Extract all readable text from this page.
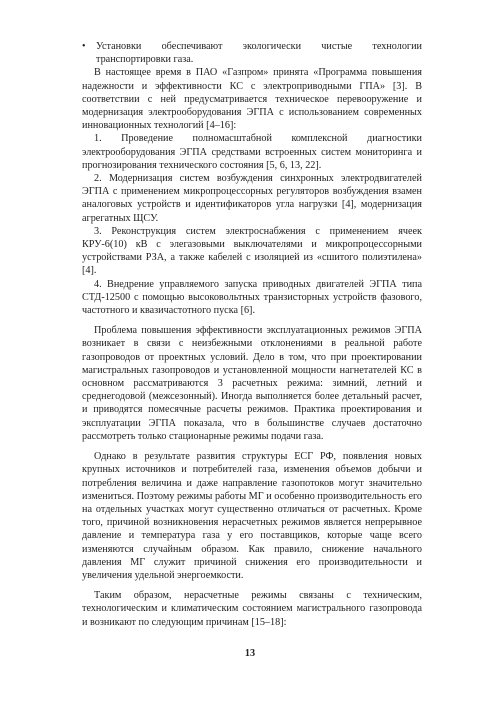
•	Установки обеспечивают экологически чистые технологии транспортировки газа.

В настоящее время в ПАО «Газпром» принята «Программа повышения надежности и эффективности КС с электроприводными ГПА» [3]. В соответствии с ней предусматривается техническое перевооружение и модернизация электрооборудования ЭГПА с использованием современных инновационных технологий [4–16]:

1. Проведение полномасштабной комплексной диагностики электрооборудования ЭГПА средствами встроенных систем мониторинга и прогнозирования технического состояния [5, 6, 13, 22].

2. Модернизация систем возбуждения синхронных электродвигателей ЭГПА с применением микропроцессорных регуляторов возбуждения взамен аналоговых устройств и идентификаторов угла нагрузки [4], модернизация агрегатных ЩСУ.

3. Реконструкция систем электроснабжения с применением ячеек КРУ-6(10) кВ с элегазовыми выключателями и микропроцессорными устройствами РЗА, а также кабелей с изоляцией из «сшитого полиэтилена» [4].

4. Внедрение управляемого запуска приводных двигателей ЭГПА типа СТД-12500 с помощью высоковольтных транзисторных устройств фазового, частотного и квазичастотного пуска [6].

Проблема повышения эффективности эксплуатационных режимов ЭГПА возникает в связи с неизбежными отклонениями в реальной работе газопроводов от проектных условий. Дело в том, что при проектировании магистральных газопроводов и установленной мощности нагнетателей КС в основном рассматриваются 3 расчетных режима: зимний, летний и среднегодовой (межсезонный). Иногда выполняется более детальный расчет, и приводятся помесячные расчеты режимов. Практика проектирования и эксплуатации ЭГПА показала, что в большинстве случаев достаточно рассмотреть только стационарные режимы подачи газа.

Однако в результате развития структуры ЕСГ РФ, появления новых крупных источников и потребителей газа, изменения объемов добычи и потребления величина и даже направление газопотоков могут значительно измениться. Поэтому режимы работы МГ и особенно производительность его на отдельных участках могут существенно отличаться от расчетных. Кроме того, причиной возникновения нерасчетных режимов является непрерывное давление и температура газа у его поставщиков, которые чаще всего изменяются случайным образом. Как правило, снижение начального давления МГ служит причиной снижения его производительности и увеличения удельной энергоемкости.

Таким образом, нерасчетные режимы связаны с техническим, технологическим и климатическим состоянием магистрального газопровода и возникают по следующим причинам [15–18]:

13
